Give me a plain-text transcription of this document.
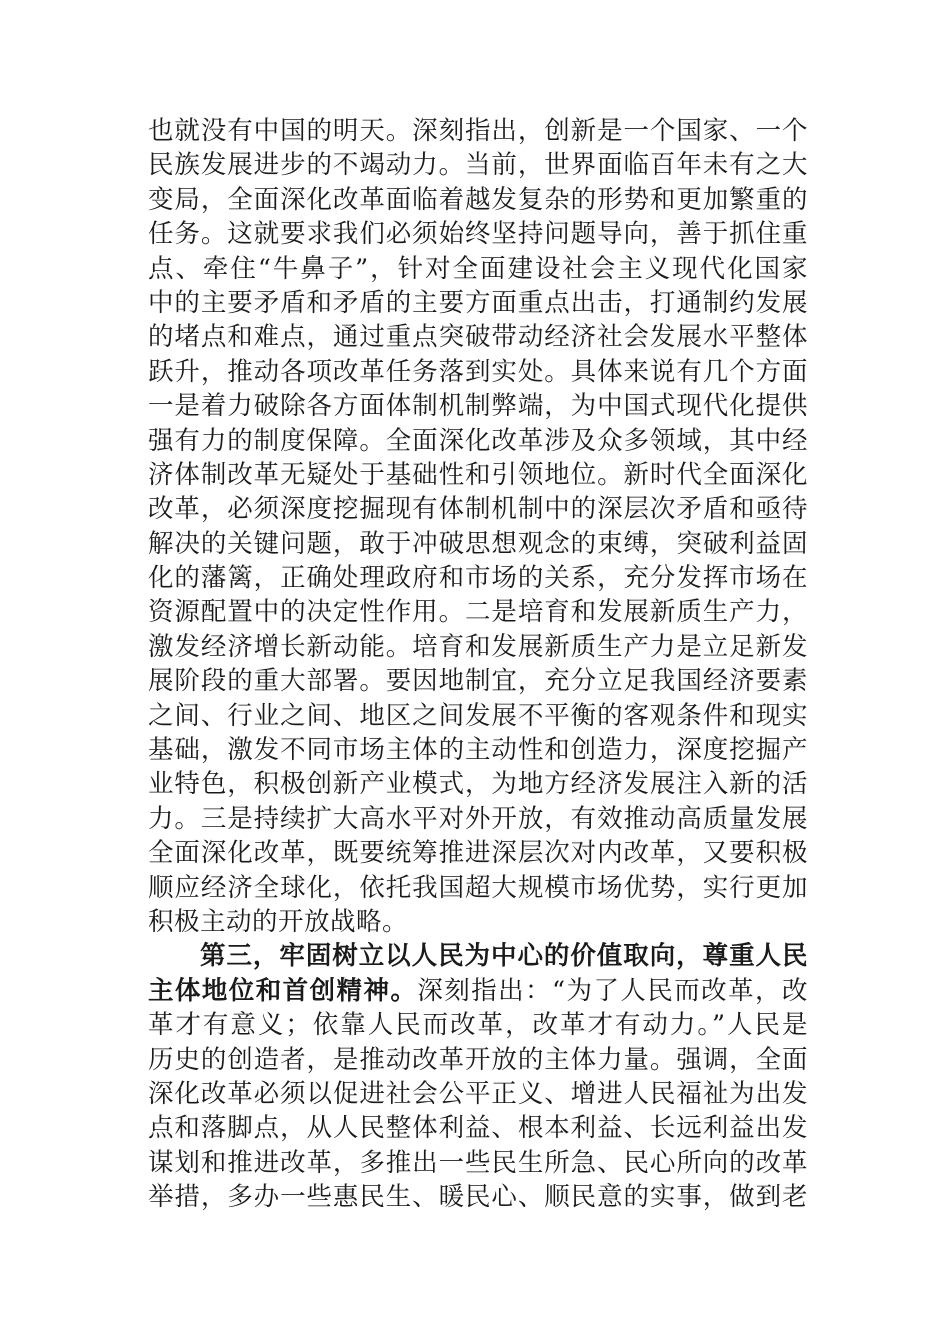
也就没有中国的明天。深刻指出，创新是一个国家、一个
民族发展进步的不竭动力。当前，世界面临百年未有之大
变局，全面深化改革面临着越发复杂的形势和更加繁重的
任务。这就要求我们必须始终坚持问题导向，善于抓住重
点、牵住“牛鼻子”，针对全面建设社会主义现代化国家
中的主要矛盾和矛盾的主要方面重点出击，打通制约发展
的堵点和难点，通过重点突破带动经济社会发展水平整体
跃升，推动各项改革任务落到实处。具体来说有几个方面
一是着力破除各方面体制机制弊端，为中国式现代化提供
强有力的制度保障。全面深化改革涉及众多领域，其中经
济体制改革无疑处于基础性和引领地位。新时代全面深化
改革，必须深度挖掘现有体制机制中的深层次矛盾和亟待
解决的关键问题，敢于冲破思想观念的束缚，突破利益固
化的藩篱，正确处理政府和市场的关系，充分发挥市场在
资源配置中的决定性作用。二是培育和发展新质生产力，
激发经济增长新动能。培育和发展新质生产力是立足新发
展阶段的重大部署。要因地制宜，充分立足我国经济要素
之间、行业之间、地区之间发展不平衡的客观条件和现实
基础，激发不同市场主体的主动性和创造力，深度挖掘产
业特色，积极创新产业模式，为地方经济发展注入新的活
力。三是持续扩大高水平对外开放，有效推动高质量发展
全面深化改革，既要统筹推进深层次对内改革，又要积极
顺应经济全球化，依托我国超大规模市场优势，实行更加
积极主动的开放战略。
第三，牢固树立以人民为中心的价值取向，尊重人民
主体地位和首创精神。深刻指出：“为了人民而改革，改
革才有意义；依靠人民而改革，改革才有动力。”人民是
历史的创造者，是推动改革开放的主体力量。强调，全面
深化改革必须以促进社会公平正义、增进人民福祉为出发
点和落脚点，从人民整体利益、根本利益、长远利益出发
谋划和推进改革，多推出一些民生所急、民心所向的改革
举措，多办一些惠民生、暖民心、顺民意的实事，做到老
